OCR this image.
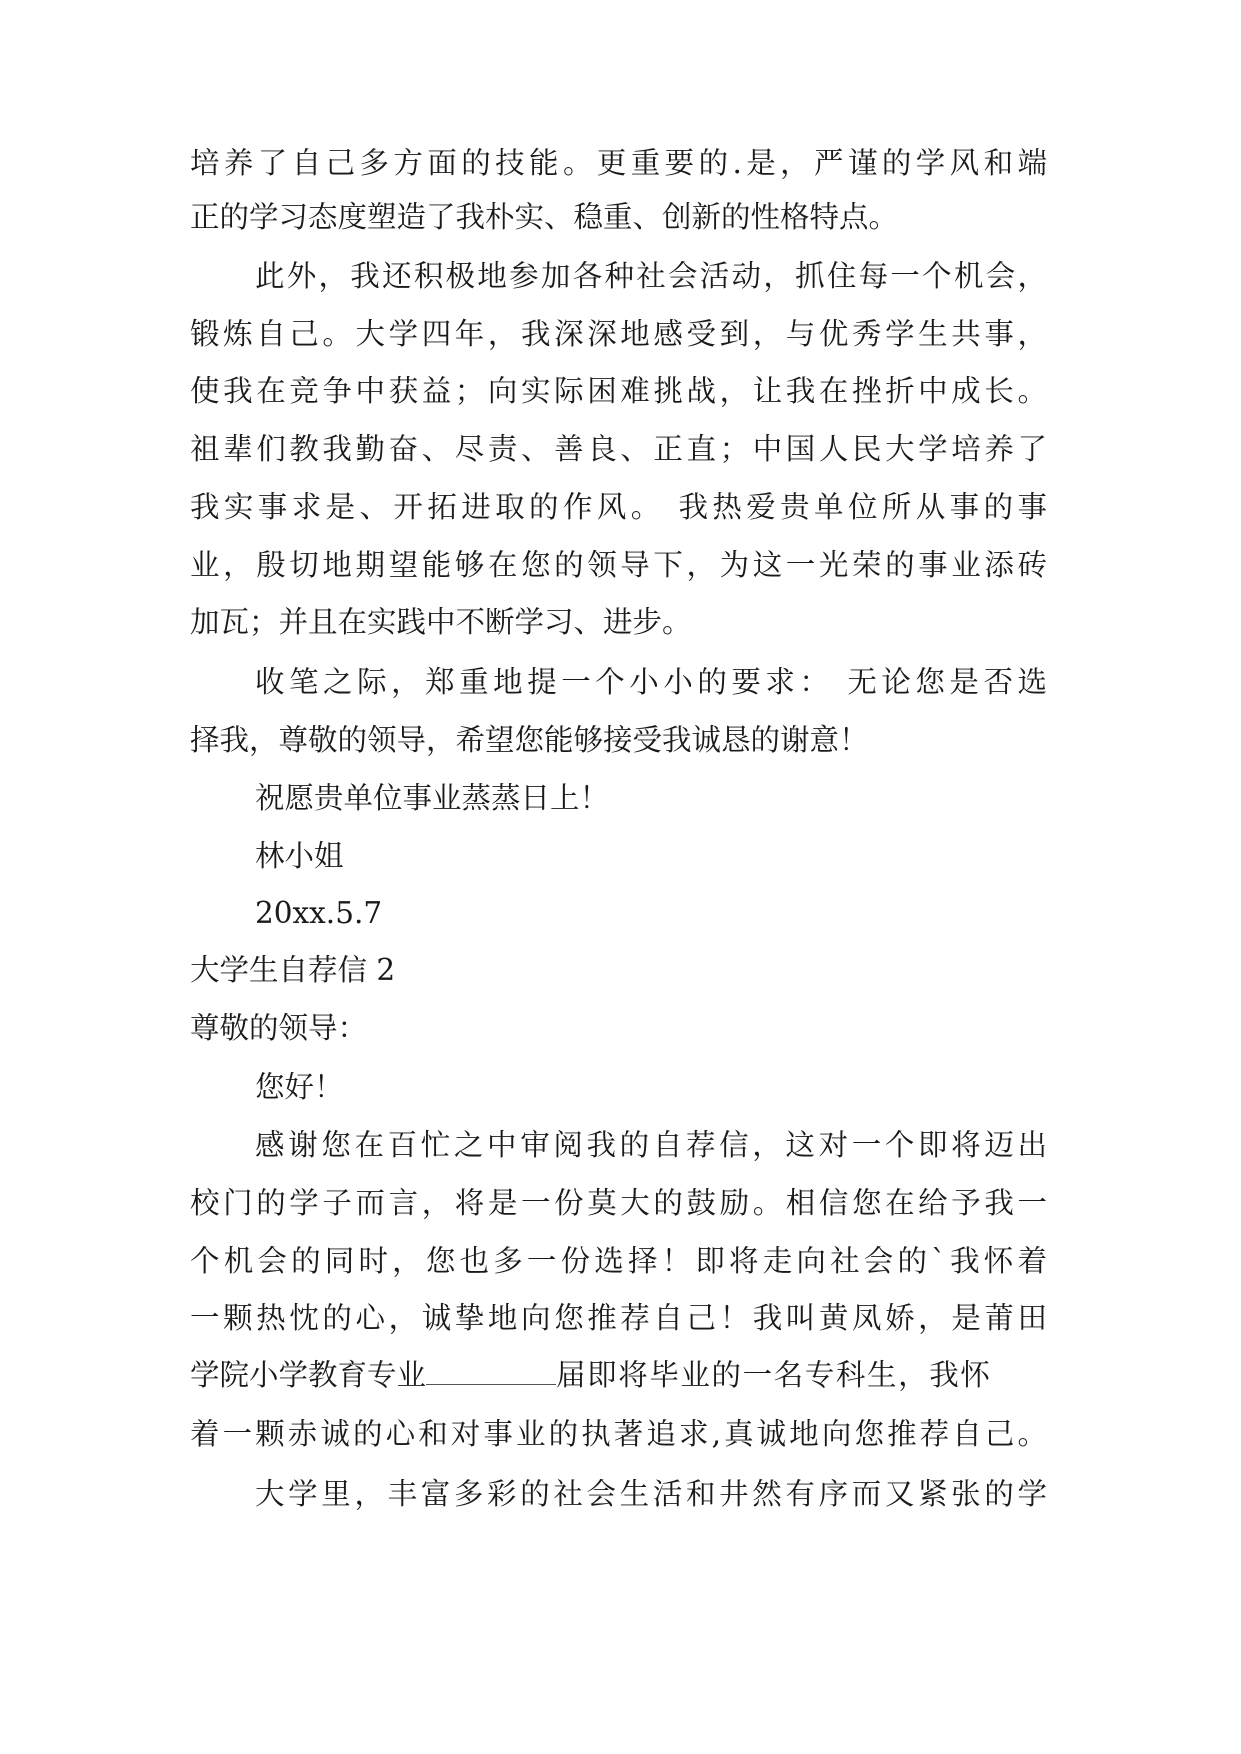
培养了自己多方面的技能。更重要的.是，严谨的学风和端
正的学习态度塑造了我朴实、稳重、创新的性格特点。
此外，我还积极地参加各种社会活动，抓住每一个机会，
锻炼自己。大学四年，我深深地感受到，与优秀学生共事，
使我在竞争中获益；向实际困难挑战，让我在挫折中成长。
祖辈们教我勤奋、尽责、善良、正直；中国人民大学培养了
我实事求是、开拓进取的作风。 我热爱贵单位所从事的事
业，殷切地期望能够在您的领导下，为这一光荣的事业添砖
加瓦；并且在实践中不断学习、进步。
收笔之际，郑重地提一个小小的要求： 无论您是否选
择我，尊敬的领导，希望您能够接受我诚恳的谢意！
祝愿贵单位事业蒸蒸日上！
林小姐
20xx.5.7
大学生自荐信 2
尊敬的领导：
您好！
感谢您在百忙之中审阅我的自荐信，这对一个即将迈出
校门的学子而言，将是一份莫大的鼓励。相信您在给予我一
个机会的同时，您也多一份选择！即将走向社会的`我怀着
一颗热忱的心，诚挚地向您推荐自己！我叫黄凤娇，是莆田
学院小学教育专业	届即将毕业的一名专科生，我怀
着一颗赤诚的心和对事业的执著追求,真诚地向您推荐自己。
大学里，丰富多彩的社会生活和井然有序而又紧张的学
